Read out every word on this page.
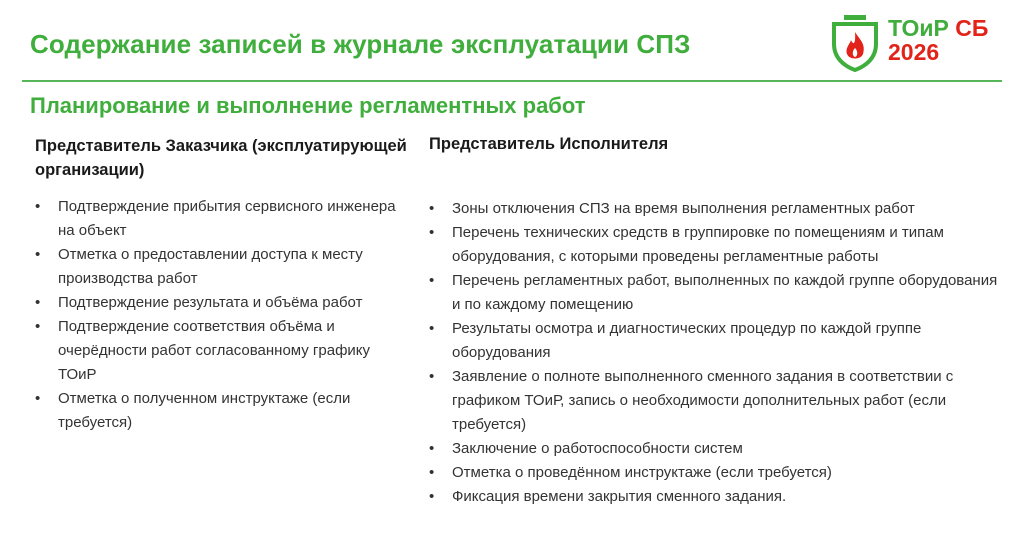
Содержание записей в журнале эксплуатации СПЗ
ТОиР СБ
2026
Планирование и выполнение регламентных работ
Представитель Заказчика (эксплуатирующей организации)
Представитель Исполнителя
• Подтверждение прибытия сервисного инженера на объект
• Отметка о предоставлении доступа к месту производства работ
• Подтверждение результата и объёма работ
• Подтверждение соответствия объёма и очерёдности работ согласованному графику ТОиР
• Отметка о полученном инструктаже (если требуется)
• Зоны отключения СПЗ на время выполнения регламентных работ
• Перечень технических средств в группировке по помещениям и типам оборудования, с которыми проведены регламентные работы
• Перечень регламентных работ, выполненных по каждой группе оборудования и по каждому помещению
• Результаты осмотра и диагностических процедур по каждой группе оборудования
• Заявление о полноте выполненного сменного задания в соответствии с графиком ТОиР, запись о необходимости дополнительных работ (если требуется)
• Заключение о работоспособности систем
• Отметка о проведённом инструктаже (если требуется)
• Фиксация времени закрытия сменного задания.
